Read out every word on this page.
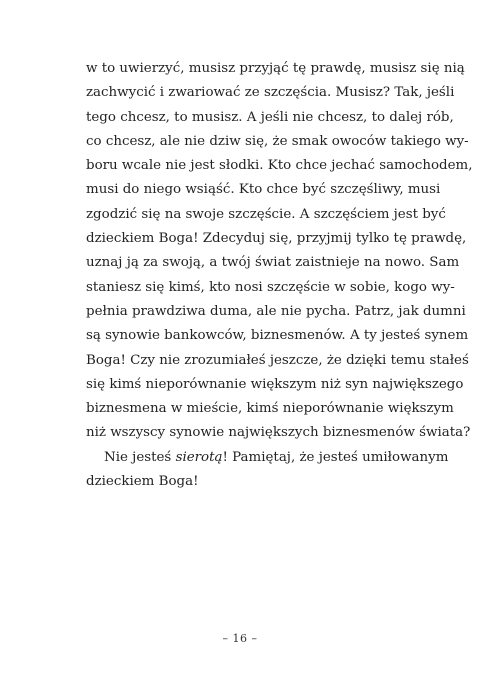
w to uwierzyć, musisz przyjąć tę prawdę, musisz się nią
zachwycić i zwariować ze szczęścia. Musisz? Tak, jeśli
tego chcesz, to musisz. A jeśli nie chcesz, to dalej rób,
co chcesz, ale nie dziw się, że smak owoców takiego wy-
boru wcale nie jest słodki. Kto chce jechać samochodem,
musi do niego wsiąść. Kto chce być szczęśliwy, musi
zgodzić się na swoje szczęście. A szczęściem jest być
dzieckiem Boga! Zdecyduj się, przyjmij tylko tę prawdę,
uznaj ją za swoją, a twój świat zaistnieje na nowo. Sam
staniesz się kimś, kto nosi szczęście w sobie, kogo wy-
pełnia prawdziwa duma, ale nie pycha. Patrz, jak dumni
są synowie bankowców, biznesmenów. A ty jesteś synem
Boga! Czy nie zrozumiałeś jeszcze, że dzięki temu stałeś
się kimś nieporównanie większym niż syn największego
biznesmena w mieście, kimś nieporównanie większym
niż wszyscy synowie największych biznesmenów świata?
Nie jesteś sierotą! Pamiętaj, że jesteś umiłowanym
dzieckiem Boga!
– 16 –
